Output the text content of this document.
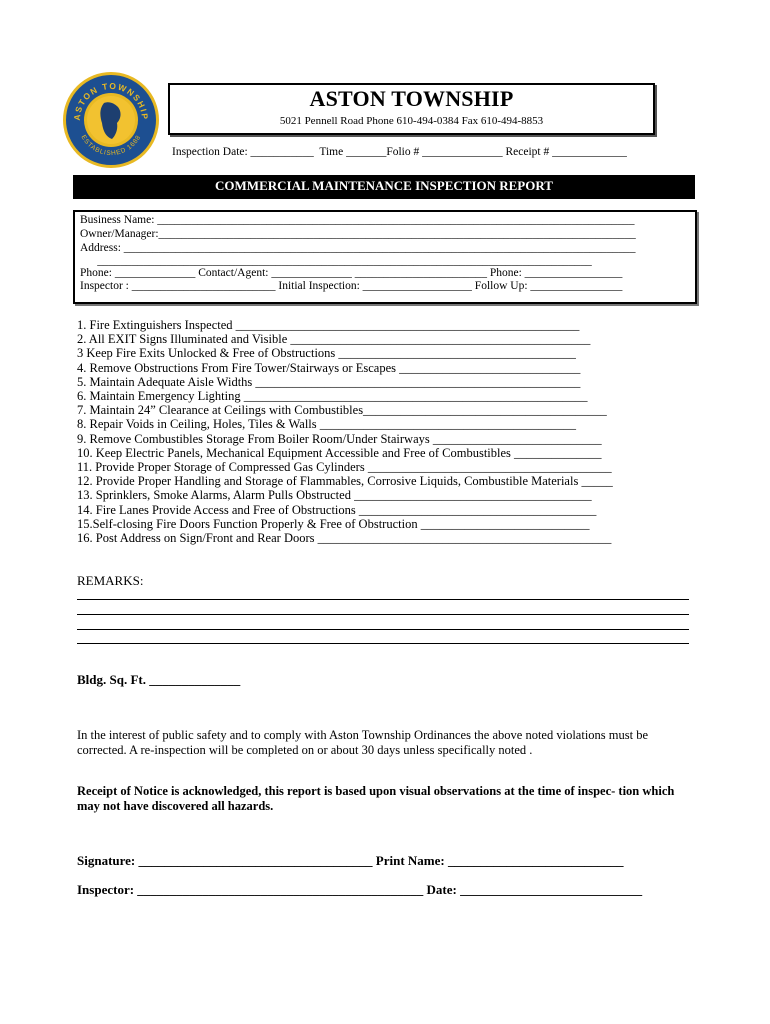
ASTON TOWNSHIP
ESTABLISHED 1688
ASTON TOWNSHIP
5021 Pennell Road Phone 610-494-0384 Fax 610-494-8853
Inspection Date: ___________  Time _______Folio # ______________ Receipt # _____________
COMMERCIAL MAINTENANCE INSPECTION REPORT
Business Name: ___________________________________________________________________________________
Owner/Manager:___________________________________________________________________________________
Address: _________________________________________________________________________________________
______________________________________________________________________________________
Phone: ______________ Contact/Agent: ______________ _______________________ Phone: _________________
Inspector : _________________________ Initial Inspection: ___________________ Follow Up: ________________
1. Fire Extinguishers Inspected _______________________________________________________
2. All EXIT Signs Illuminated and Visible ________________________________________________
3 Keep Fire Exits Unlocked & Free of Obstructions ______________________________________
4. Remove Obstructions From Fire Tower/Stairways or Escapes _____________________________
5. Maintain Adequate Aisle Widths ____________________________________________________
6. Maintain Emergency Lighting _______________________________________________________
7. Maintain 24” Clearance at Ceilings with Combustibles_______________________________________
8. Repair Voids in Ceiling, Holes, Tiles & Walls _________________________________________
9. Remove Combustibles Storage From Boiler Room/Under Stairways ___________________________
10. Keep Electric Panels, Mechanical Equipment Accessible and Free of Combustibles ______________
11. Provide Proper Storage of Compressed Gas Cylinders _______________________________________
12. Provide Proper Handling and Storage of Flammables, Corrosive Liquids, Combustible Materials _____
13. Sprinklers, Smoke Alarms, Alarm Pulls Obstructed ______________________________________
14. Fire Lanes Provide Access and Free of Obstructions ______________________________________
15.Self-closing Fire Doors Function Properly & Free of Obstruction ___________________________
16. Post Address on Sign/Front and Rear Doors _______________________________________________
REMARKS:
Bldg. Sq. Ft. ______________
In the interest of public safety and to comply with Aston Township Ordinances the above noted violations must be corrected. A re-inspection will be completed on or about 30 days unless specifically noted .
Receipt of Notice is acknowledged, this report is based upon visual observations at the time of inspec- tion which may not have discovered all hazards.
Signature: ____________________________________ Print Name: ___________________________
Inspector: ____________________________________________ Date: ____________________________
